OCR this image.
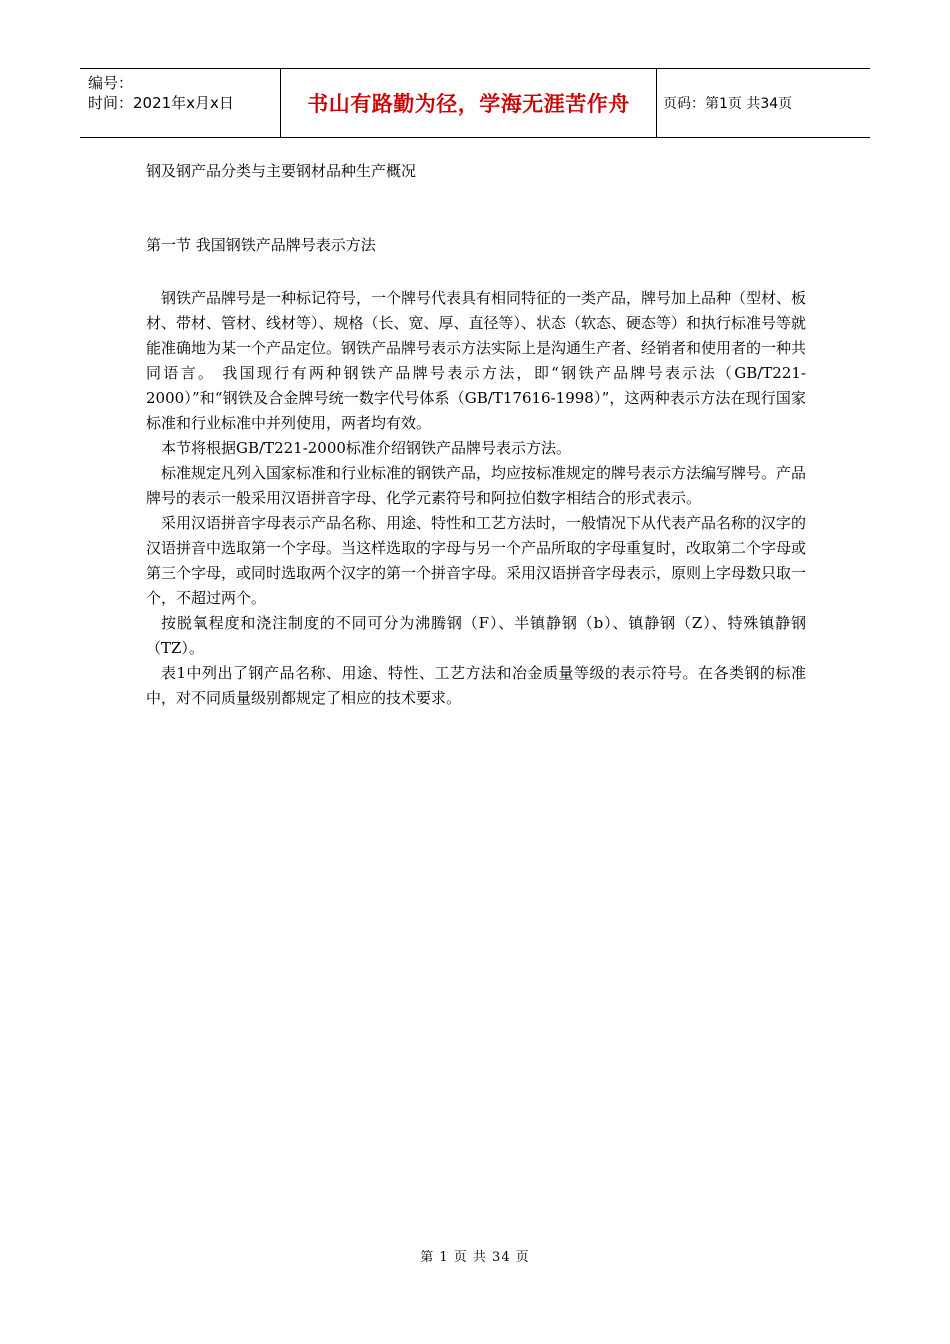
编号：
时间：2021年x月x日	书山有路勤为径，学海无涯苦作舟 页码：第1页 共34页
钢及钢产品分类与主要钢材品种生产概况
第一节 我国钢铁产品牌号表示方法

钢铁产品牌号是一种标记符号，一个牌号代表具有相同特征的一类产品，牌号加上品种（型材、板材、带材、管材、线材等）、规格（长、宽、厚、直径等）、状态（软态、硬态等）和执行标准号等就能准确地为某一个产品定位。钢铁产品牌号表示方法实际上是沟通生产者、经销者和使用者的一种共同语言。 我国现行有两种钢铁产品牌号表示方法，即“钢铁产品牌号表示法（GB/T221-2000）”和“钢铁及合金牌号统一数字代号体系（GB/T17616-1998）”，这两种表示方法在现行国家标准和行业标准中并列使用，两者均有效。

本节将根据GB/T221-2000标准介绍钢铁产品牌号表示方法。

标准规定凡列入国家标准和行业标准的钢铁产品，均应按标准规定的牌号表示方法编写牌号。产品牌号的表示一般采用汉语拼音字母、化学元素符号和阿拉伯数字相结合的形式表示。

采用汉语拼音字母表示产品名称、用途、特性和工艺方法时，一般情况下从代表产品名称的汉字的汉语拼音中选取第一个字母。当这样选取的字母与另一个产品所取的字母重复时，改取第二个字母或第三个字母，或同时选取两个汉字的第一个拼音字母。采用汉语拼音字母表示，原则上字母数只取一个，不超过两个。

按脱氧程度和浇注制度的不同可分为沸腾钢（F）、半镇静钢（b）、镇静钢（Z）、特殊镇静钢（TZ）。

表1中列出了钢产品名称、用途、特性、工艺方法和冶金质量等级的表示符号。在各类钢的标准中，对不同质量级别都规定了相应的技术要求。

第 1 页 共 34 页
